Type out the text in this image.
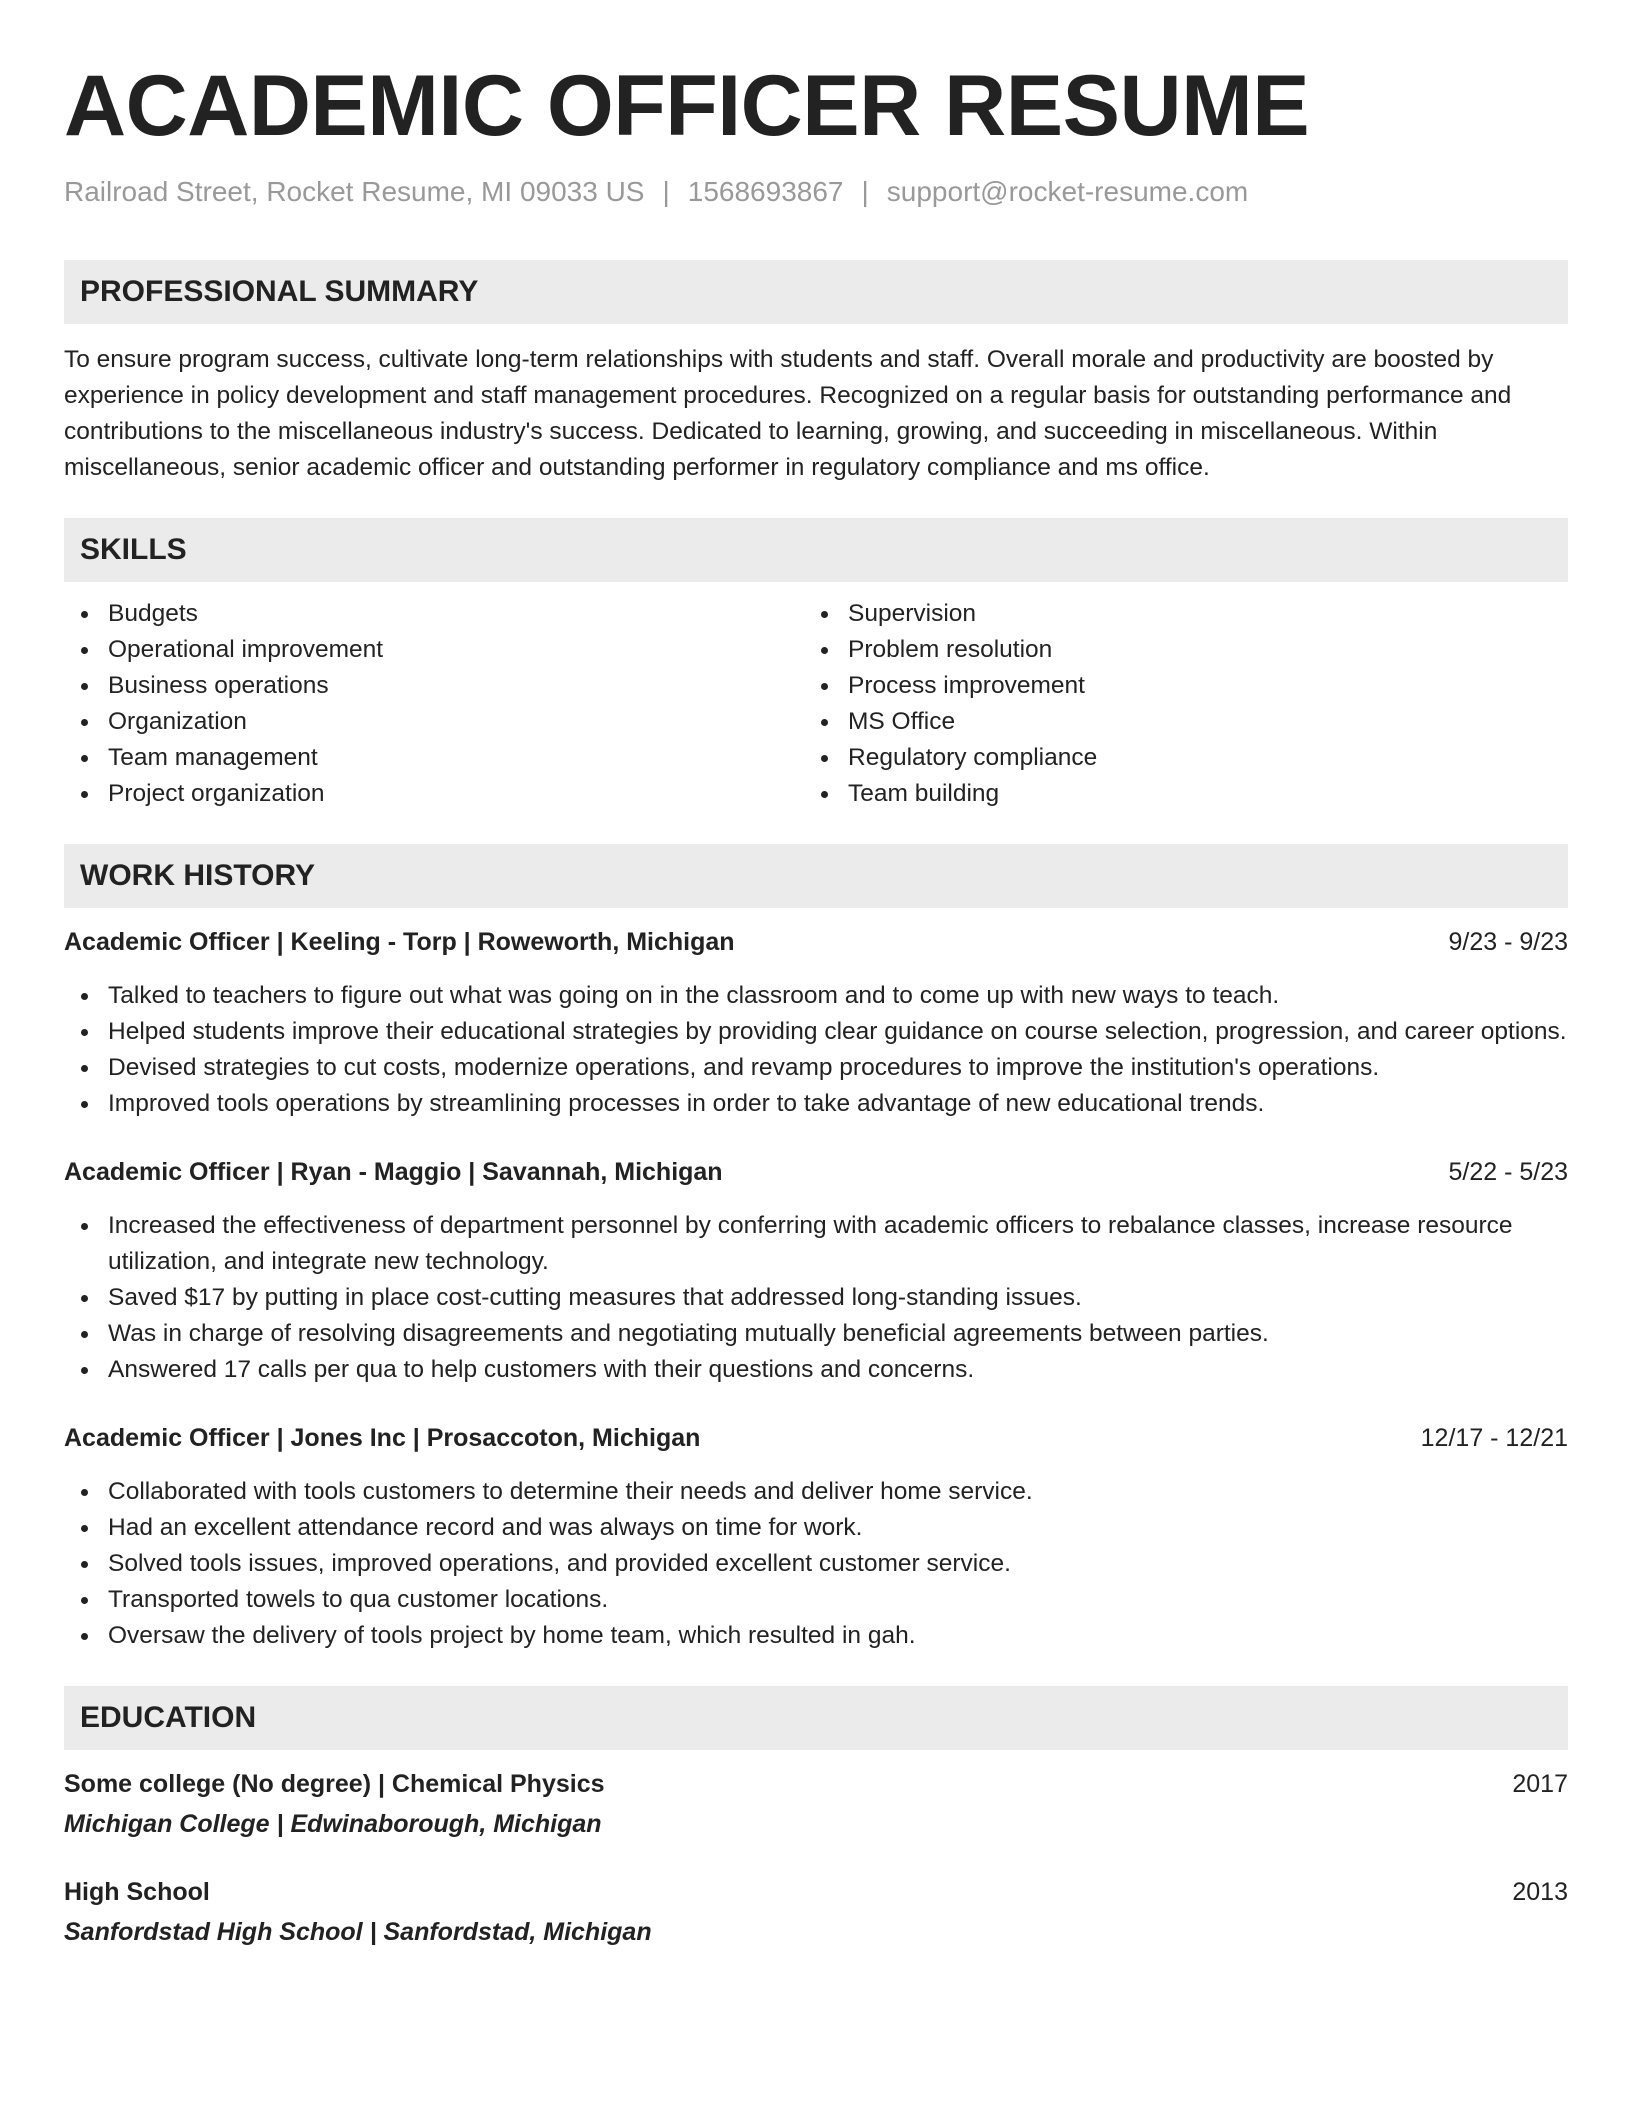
ACADEMIC OFFICER RESUME
Railroad Street, Rocket Resume, MI 09033 US | 1568693867 | support@rocket-resume.com
PROFESSIONAL SUMMARY
To ensure program success, cultivate long-term relationships with students and staff. Overall morale and productivity are boosted by experience in policy development and staff management procedures. Recognized on a regular basis for outstanding performance and contributions to the miscellaneous industry's success. Dedicated to learning, growing, and succeeding in miscellaneous. Within miscellaneous, senior academic officer and outstanding performer in regulatory compliance and ms office.
SKILLS
Budgets
Operational improvement
Business operations
Organization
Team management
Project organization
Supervision
Problem resolution
Process improvement
MS Office
Regulatory compliance
Team building
WORK HISTORY
Academic Officer | Keeling - Torp | Roweworth, Michigan	9/23 - 9/23
Talked to teachers to figure out what was going on in the classroom and to come up with new ways to teach.
Helped students improve their educational strategies by providing clear guidance on course selection, progression, and career options.
Devised strategies to cut costs, modernize operations, and revamp procedures to improve the institution's operations.
Improved tools operations by streamlining processes in order to take advantage of new educational trends.
Academic Officer | Ryan - Maggio | Savannah, Michigan	5/22 - 5/23
Increased the effectiveness of department personnel by conferring with academic officers to rebalance classes, increase resource utilization, and integrate new technology.
Saved $17 by putting in place cost-cutting measures that addressed long-standing issues.
Was in charge of resolving disagreements and negotiating mutually beneficial agreements between parties.
Answered 17 calls per qua to help customers with their questions and concerns.
Academic Officer | Jones Inc | Prosaccoton, Michigan	12/17 - 12/21
Collaborated with tools customers to determine their needs and deliver home service.
Had an excellent attendance record and was always on time for work.
Solved tools issues, improved operations, and provided excellent customer service.
Transported towels to qua customer locations.
Oversaw the delivery of tools project by home team, which resulted in gah.
EDUCATION
Some college (No degree) | Chemical Physics	2017
Michigan College | Edwinaborough, Michigan
High School	2013
Sanfordstad High School | Sanfordstad, Michigan
